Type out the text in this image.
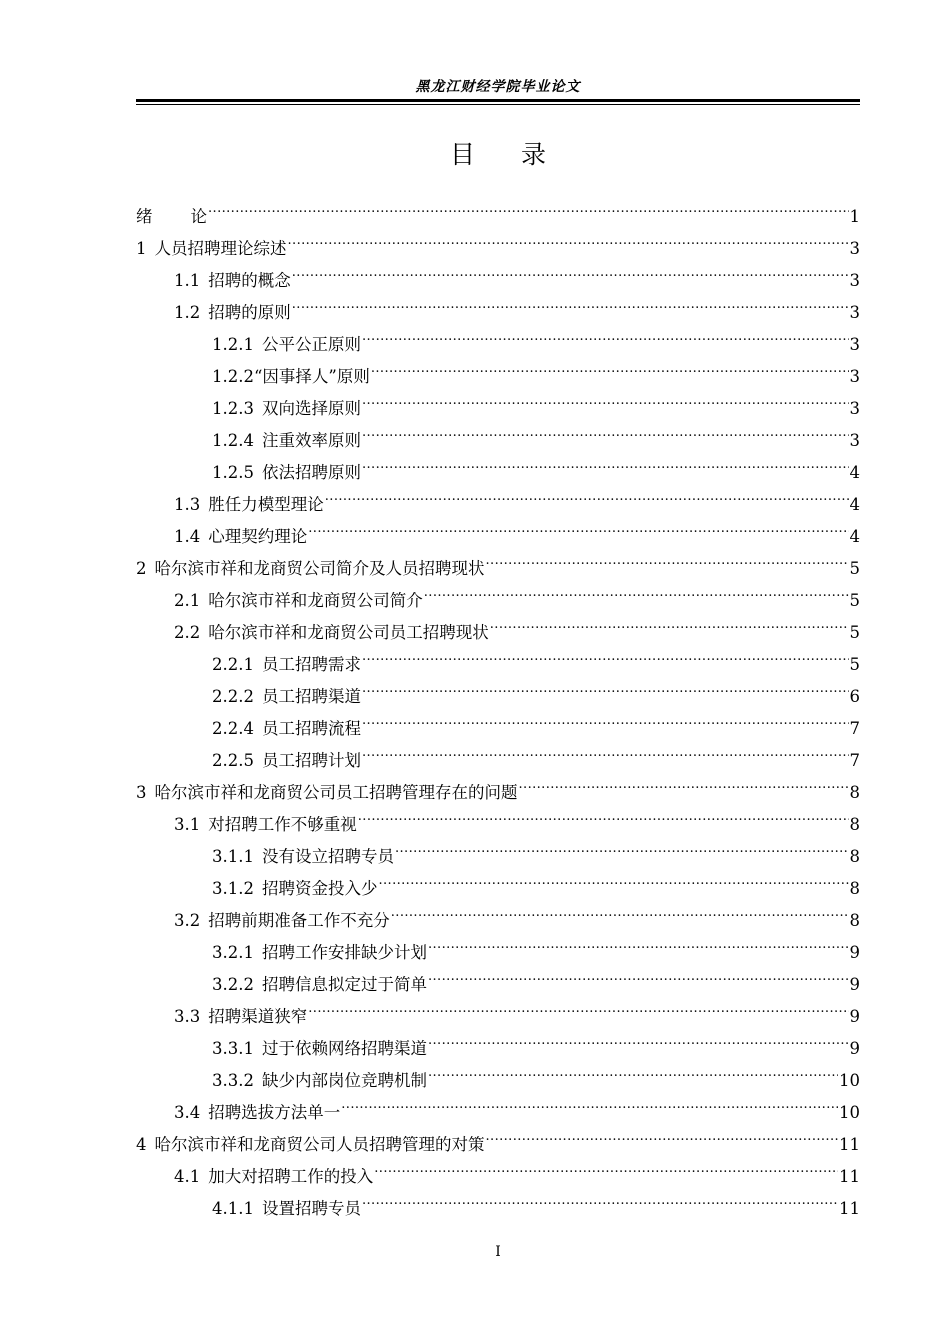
黑龙江财经学院毕业论文
目录
绪 论 .....	1
1 人员招聘理论综述 .....	3
1.1 招聘的概念 .....	3
1.2 招聘的原则 .....	3
1.2.1 公平公正原则 .....	3
1.2.2 “因事择人”原则 .....	3
1.2.3 双向选择原则 .....	3
1.2.4 注重效率原则 .....	3
1.2.5 依法招聘原则 .....	4
1.3 胜任力模型理论 .....	4
1.4 心理契约理论 .....	4
2 哈尔滨市祥和龙商贸公司简介及人员招聘现状 .....	5
2.1 哈尔滨市祥和龙商贸公司简介 .....	5
2.2 哈尔滨市祥和龙商贸公司员工招聘现状 .....	5
2.2.1 员工招聘需求 .....	5
2.2.2 员工招聘渠道 .....	6
2.2.4 员工招聘流程 .....	7
2.2.5 员工招聘计划 .....	7
3 哈尔滨市祥和龙商贸公司员工招聘管理存在的问题 .....	8
3.1 对招聘工作不够重视 .....	8
3.1.1 没有设立招聘专员 .....	8
3.1.2 招聘资金投入少 .....	8
3.2 招聘前期准备工作不充分 .....	8
3.2.1 招聘工作安排缺少计划 .....	9
3.2.2 招聘信息拟定过于简单 .....	9
3.3 招聘渠道狭窄 .....	9
3.3.1 过于依赖网络招聘渠道 .....	9
3.3.2 缺少内部岗位竞聘机制 .....	10
3.4 招聘选拔方法单一 .....	10
4 哈尔滨市祥和龙商贸公司人员招聘管理的对策 .....	11
4.1 加大对招聘工作的投入 .....	11
4.1.1 设置招聘专员 .....	11
I
